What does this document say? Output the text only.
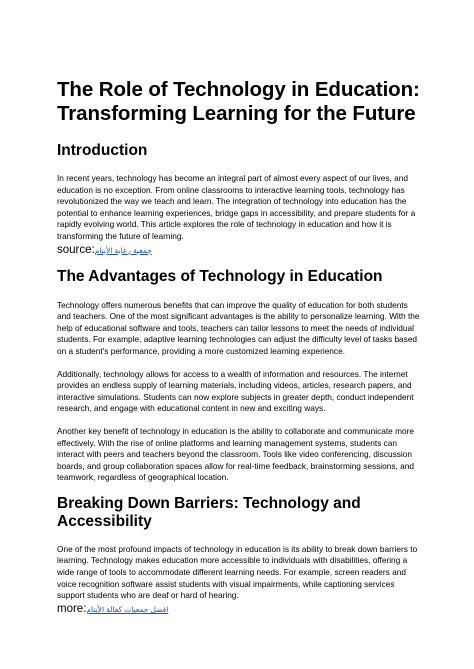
The Role of Technology in Education: Transforming Learning for the Future
Introduction

In recent years, technology has become an integral part of almost every aspect of our lives, and education is no exception. From online classrooms to interactive learning tools, technology has revolutionized the way we teach and learn. The integration of technology into education has the potential to enhance learning experiences, bridge gaps in accessibility, and prepare students for a rapidly evolving world. This article explores the role of technology in education and how it is transforming the future of learning.

source:جمعية رعاية الأيتام
The Advantages of Technology in Education

Technology offers numerous benefits that can improve the quality of education for both students and teachers. One of the most significant advantages is the ability to personalize learning. With the help of educational software and tools, teachers can tailor lessons to meet the needs of individual students. For example, adaptive learning technologies can adjust the difficulty level of tasks based on a student's performance, providing a more customized learning experience.

Additionally, technology allows for access to a wealth of information and resources. The internet provides an endless supply of learning materials, including videos, articles, research papers, and interactive simulations. Students can now explore subjects in greater depth, conduct independent research, and engage with educational content in new and exciting ways.

Another key benefit of technology in education is the ability to collaborate and communicate more effectively. With the rise of online platforms and learning management systems, students can interact with peers and teachers beyond the classroom. Tools like video conferencing, discussion boards, and group collaboration spaces allow for real-time feedback, brainstorming sessions, and teamwork, regardless of geographical location.

Breaking Down Barriers: Technology and Accessibility

One of the most profound impacts of technology in education is its ability to break down barriers to learning. Technology makes education more accessible to individuals with disabilities, offering a wide range of tools to accommodate different learning needs. For example, screen readers and voice recognition software assist students with visual impairments, while captioning services support students who are deaf or hard of hearing.

more:افضل جمعيات كفالة الأيتام
